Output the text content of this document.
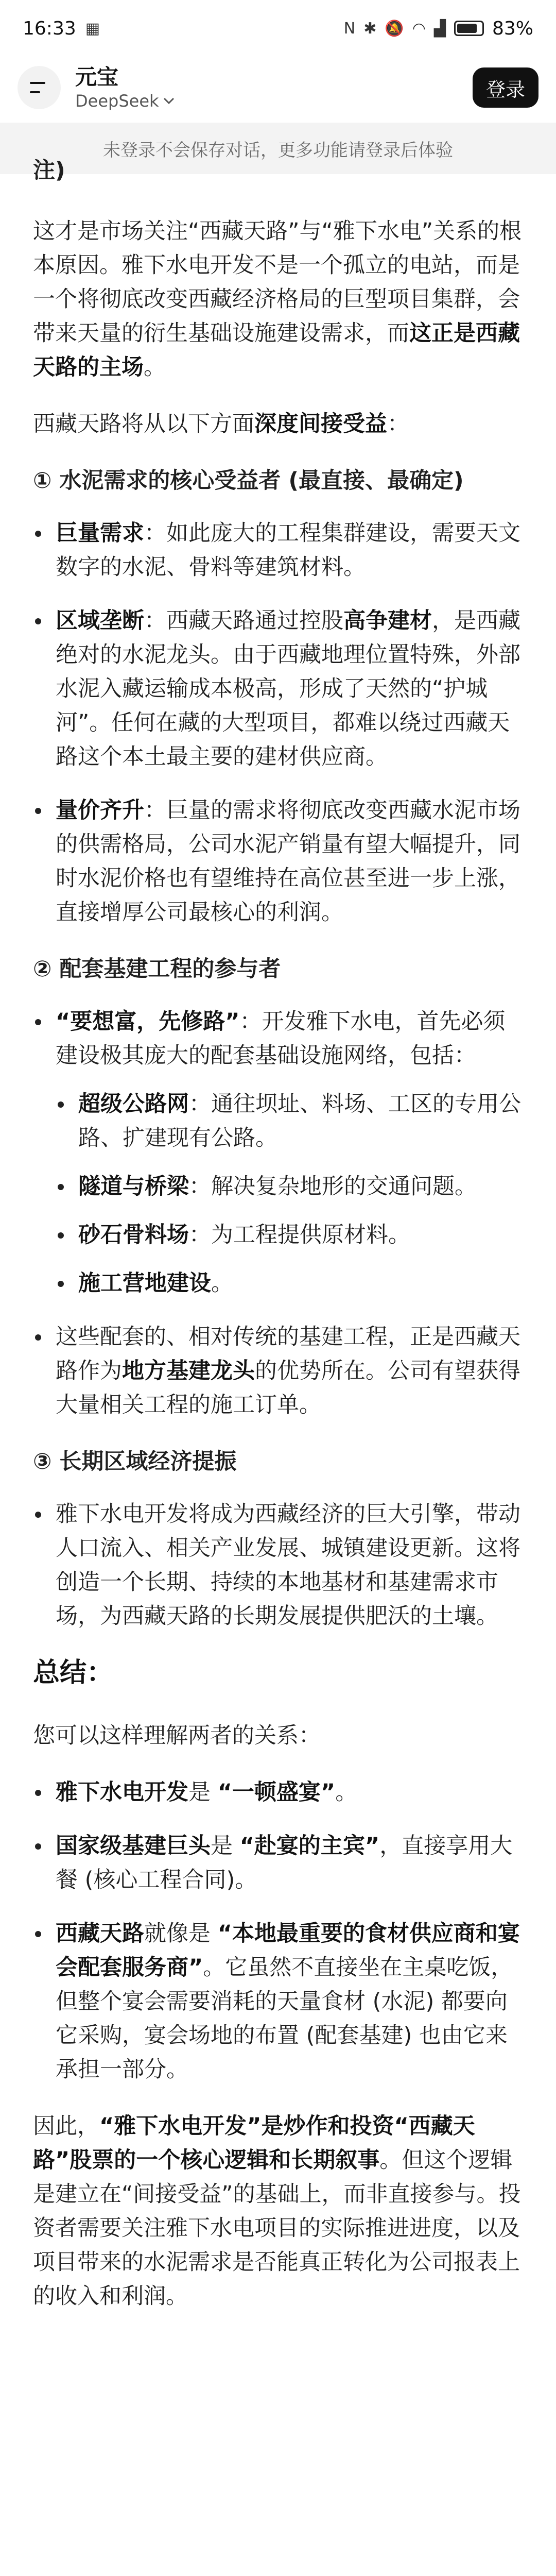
16:33 ▦	N ✱ 🔕 ◠ ▟	83%
元宝
DeepSeek
登录
未登录不会保存对话，更多功能请登录后体验

注)

这才是市场关注“西藏天路”与“雅下水电”关系的根本原因。雅下水电开发不是一个孤立的电站，而是一个将彻底改变西藏经济格局的巨型项目集群，会带来天量的衍生基础设施建设需求，而这正是西藏天路的主场。

西藏天路将从以下方面深度间接受益：

① 水泥需求的核心受益者 (最直接、最确定)
巨量需求：如此庞大的工程集群建设，需要天文数字的水泥、骨料等建筑材料。
区域垄断：西藏天路通过控股高争建材，是西藏绝对的水泥龙头。由于西藏地理位置特殊，外部水泥入藏运输成本极高，形成了天然的“护城河”。任何在藏的大型项目，都难以绕过西藏天路这个本土最主要的建材供应商。
量价齐升：巨量的需求将彻底改变西藏水泥市场的供需格局，公司水泥产销量有望大幅提升，同时水泥价格也有望维持在高位甚至进一步上涨，直接增厚公司最核心的利润。
② 配套基建工程的参与者
“要想富，先修路”：开发雅下水电，首先必须建设极其庞大的配套基础设施网络，包括：
超级公路网：通往坝址、料场、工区的专用公路、扩建现有公路。
隧道与桥梁：解决复杂地形的交通问题。
砂石骨料场：为工程提供原材料。
施工营地建设。
这些配套的、相对传统的基建工程，正是西藏天路作为地方基建龙头的优势所在。公司有望获得大量相关工程的施工订单。
③ 长期区域经济提振
雅下水电开发将成为西藏经济的巨大引擎，带动人口流入、相关产业发展、城镇建设更新。这将创造一个长期、持续的本地基材和基建需求市场，为西藏天路的长期发展提供肥沃的土壤。
总结：

您可以这样理解两者的关系：

雅下水电开发是 “一顿盛宴”。
国家级基建巨头是 “赴宴的主宾”，直接享用大餐 (核心工程合同)。
西藏天路就像是 “本地最重要的食材供应商和宴会配套服务商”。它虽然不直接坐在主桌吃饭，但整个宴会需要消耗的天量食材 (水泥) 都要向它采购，宴会场地的布置 (配套基建) 也由它来承担一部分。

因此，“雅下水电开发”是炒作和投资“西藏天路”股票的一个核心逻辑和长期叙事。但这个逻辑是建立在“间接受益”的基础上，而非直接参与。投资者需要关注雅下水电项目的实际推进进度，以及项目带来的水泥需求是否能真正转化为公司报表上的收入和利润。
